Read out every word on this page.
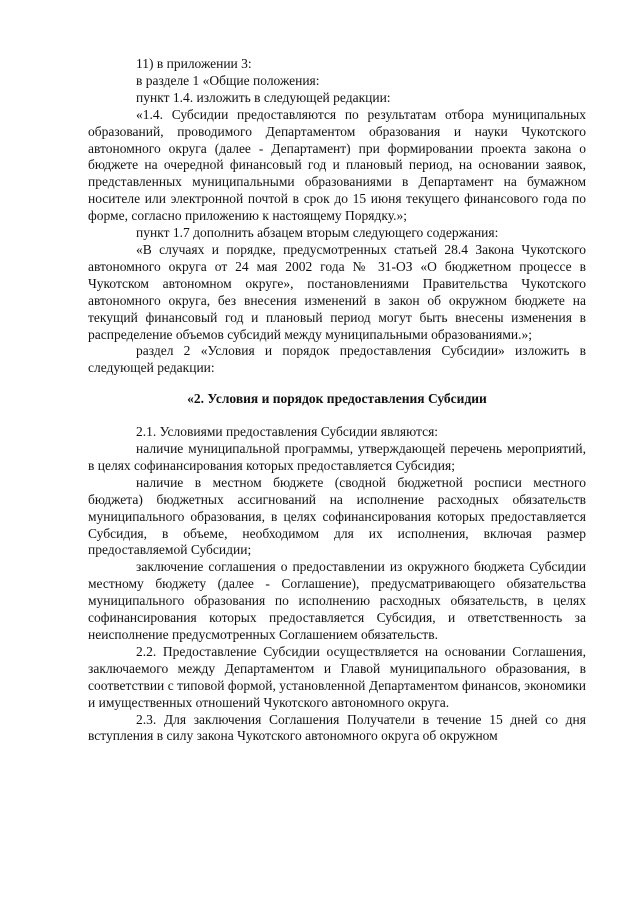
11) в приложении 3:

в разделе 1 «Общие положения:

пункт 1.4. изложить в следующей редакции:

«1.4. Субсидии предоставляются по результатам отбора муниципальных образований, проводимого Департаментом образования и науки Чукотского автономного округа (далее - Департамент) при формировании проекта закона о бюджете на очередной финансовый год и плановый период, на основании заявок, представленных муниципальными образованиями в Департамент на бумажном носителе или электронной почтой в срок до 15 июня текущего финансового года по форме, согласно приложению к настоящему Порядку.»;

пункт 1.7 дополнить абзацем вторым следующего содержания:

«В случаях и порядке, предусмотренных статьей 28.4 Закона Чукотского автономного округа от 24 мая 2002 года № 31-ОЗ «О бюджетном процессе в Чукотском автономном округе», постановлениями Правительства Чукотского автономного округа, без внесения изменений в закон об окружном бюджете на текущий финансовый год и плановый период могут быть внесены изменения в распределение объемов субсидий между муниципальными образованиями.»;

раздел 2 «Условия и порядок предоставления Субсидии» изложить в следующей редакции:

«2. Условия и порядок предоставления Субсидии

2.1. Условиями предоставления Субсидии являются:

наличие муниципальной программы, утверждающей перечень мероприятий, в целях софинансирования которых предоставляется Субсидия;

наличие в местном бюджете (сводной бюджетной росписи местного бюджета) бюджетных ассигнований на исполнение расходных обязательств муниципального образования, в целях софинансирования которых предоставляется Субсидия, в объеме, необходимом для их исполнения, включая размер предоставляемой Субсидии;

заключение соглашения о предоставлении из окружного бюджета Субсидии местному бюджету (далее - Соглашение), предусматривающего обязательства муниципального образования по исполнению расходных обязательств, в целях софинансирования которых предоставляется Субсидия, и ответственность за неисполнение предусмотренных Соглашением обязательств.

2.2. Предоставление Субсидии осуществляется на основании Соглашения, заключаемого между Департаментом и Главой муниципального образования, в соответствии с типовой формой, установленной Департаментом финансов, экономики и имущественных отношений Чукотского автономного округа.

2.3. Для заключения Соглашения Получатели в течение 15 дней со дня вступления в силу закона Чукотского автономного округа об окружном
